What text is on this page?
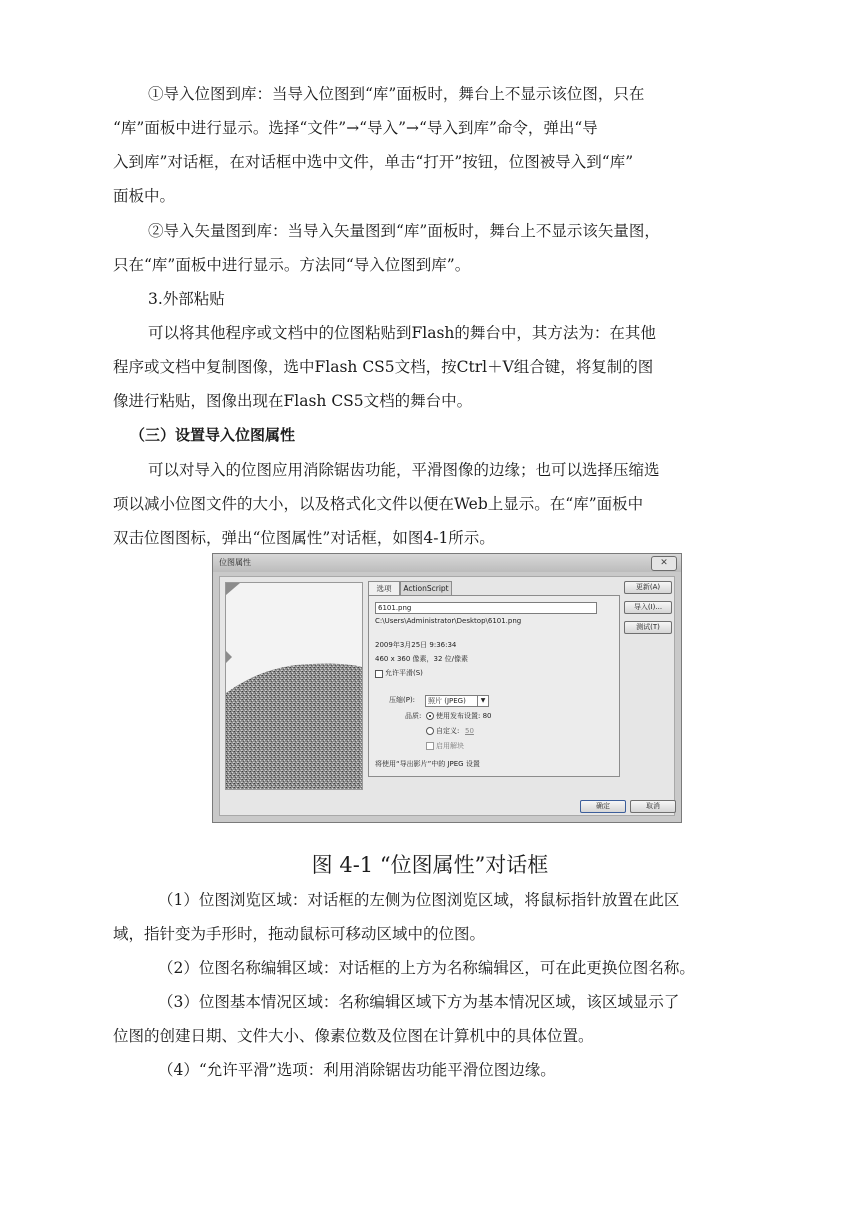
①导入位图到库：当导入位图到“库”面板时，舞台上不显示该位图，只在
“库”面板中进行显示。选择“文件”→“导入”→“导入到库”命令，弹出“导
入到库”对话框，在对话框中选中文件，单击“打开”按钮，位图被导入到“库”
面板中。
②导入矢量图到库：当导入矢量图到“库”面板时，舞台上不显示该矢量图，
只在“库”面板中进行显示。方法同“导入位图到库”。
3.外部粘贴
可以将其他程序或文档中的位图粘贴到Flash的舞台中，其方法为：在其他
程序或文档中复制图像，选中Flash CS5文档，按Ctrl＋V组合键，将复制的图
像进行粘贴，图像出现在Flash CS5文档的舞台中。
（三）设置导入位图属性
可以对导入的位图应用消除锯齿功能，平滑图像的边缘；也可以选择压缩选
项以减小位图文件的大小，以及格式化文件以便在Web上显示。在“库”面板中
双击位图图标，弹出“位图属性”对话框，如图4-1所示。
位图属性	✕
选项	ActionScript
6101.png
C:\Users\Administrator\Desktop\6101.png
2009年3月25日 9:36:34
460 x 360 像素，32 位/像素
允许平滑(S)
压缩(P):	照片 (JPEG)	▼
品质: 使用发布设置: 80
自定义: 50
启用解块
将使用“导出影片”中的 JPEG 设置
更新(A)
导入(I)...
测试(T)
确定	取消
图 4-1 “位图属性”对话框
（1）位图浏览区域：对话框的左侧为位图浏览区域，将鼠标指针放置在此区
域，指针变为手形时，拖动鼠标可移动区域中的位图。
（2）位图名称编辑区域：对话框的上方为名称编辑区，可在此更换位图名称。
（3）位图基本情况区域：名称编辑区域下方为基本情况区域，该区域显示了
位图的创建日期、文件大小、像素位数及位图在计算机中的具体位置。
（4）“允许平滑”选项：利用消除锯齿功能平滑位图边缘。
